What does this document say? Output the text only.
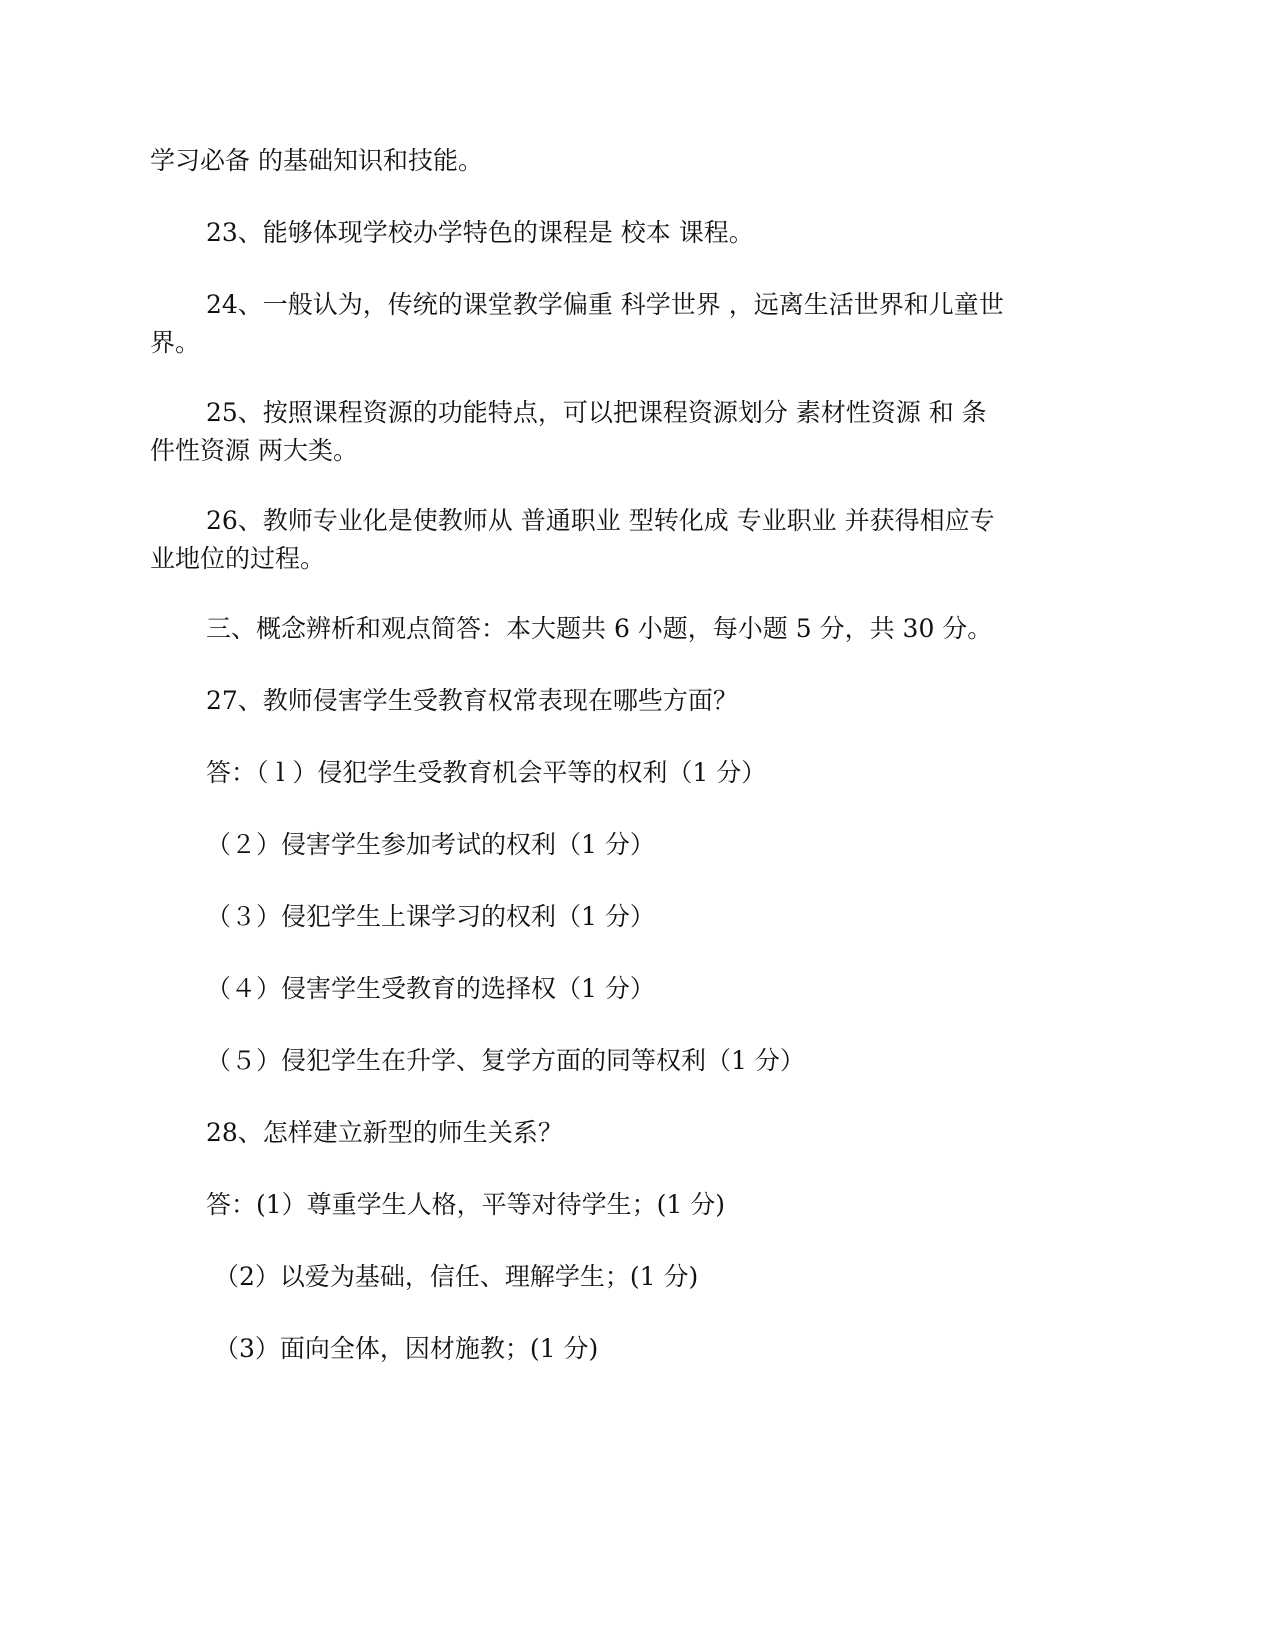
学习必备 的基础知识和技能。
23、能够体现学校办学特色的课程是 校本 课程。
24、一般认为，传统的课堂教学偏重 科学世界 ，远离生活世界和儿童世
界。
25、按照课程资源的功能特点，可以把课程资源划分 素材性资源 和 条
件性资源 两大类。
26、教师专业化是使教师从 普通职业 型转化成 专业职业 并获得相应专
业地位的过程。
三、概念辨析和观点简答：本大题共 6 小题，每小题 5 分，共 30 分。
27、教师侵害学生受教育权常表现在哪些方面？
答：（ l ）侵犯学生受教育机会平等的权利（1 分）
（２）侵害学生参加考试的权利（1 分）
（３）侵犯学生上课学习的权利（1 分）
（４）侵害学生受教育的选择权（1 分）
（５）侵犯学生在升学、复学方面的同等权利（1 分）
28、怎样建立新型的师生关系？
答：(1）尊重学生人格，平等对待学生；(1 分)
（2）以爱为基础，信任、理解学生；(1 分)
（3）面向全体，因材施教；(1 分)
